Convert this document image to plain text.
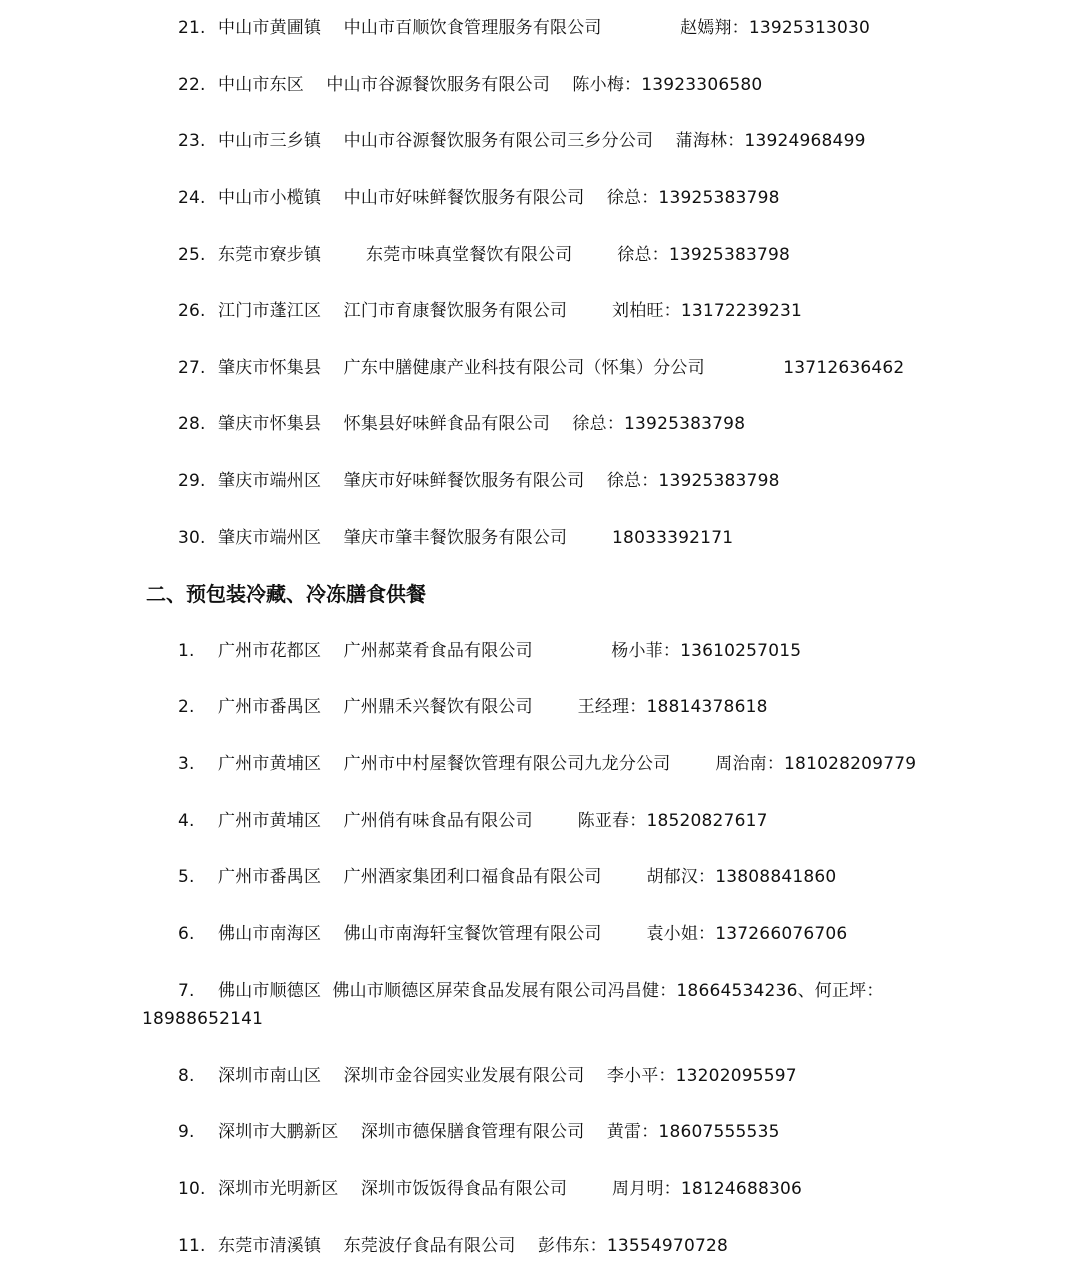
21. 中山市黄圃镇    中山市百顺饮食管理服务有限公司              赵嫣翔：13925313030
22. 中山市东区    中山市谷源餐饮服务有限公司    陈小梅：13923306580
23. 中山市三乡镇    中山市谷源餐饮服务有限公司三乡分公司    蒲海林：13924968499
24. 中山市小榄镇    中山市好味鲜餐饮服务有限公司    徐总：13925383798
25. 东莞市寮步镇        东莞市味真堂餐饮有限公司        徐总：13925383798
26. 江门市蓬江区    江门市育康餐饮服务有限公司        刘柏旺：13172239231
27. 肇庆市怀集县    广东中膳健康产业科技有限公司（怀集）分公司              13712636462
28. 肇庆市怀集县    怀集县好味鲜食品有限公司    徐总：13925383798
29. 肇庆市端州区    肇庆市好味鲜餐饮服务有限公司    徐总：13925383798
30. 肇庆市端州区    肇庆市肇丰餐饮服务有限公司        18033392171
二、预包装冷藏、冷冻膳食供餐
1. 广州市花都区    广州郝菜肴食品有限公司              杨小菲：13610257015
2. 广州市番禺区    广州鼎禾兴餐饮有限公司        王经理：18814378618
3. 广州市黄埔区    广州市中村屋餐饮管理有限公司九龙分公司        周治南：181028209779
4. 广州市黄埔区    广州俏有味食品有限公司        陈亚春：18520827617
5. 广州市番禺区    广州酒家集团利口福食品有限公司        胡郁汉：13808841860
6. 佛山市南海区    佛山市南海轩宝餐饮管理有限公司        袁小姐：137266076706
7. 佛山市顺德区  佛山市顺德区屏荣食品发展有限公司冯昌健：18664534236、何正坪：
18988652141
8. 深圳市南山区    深圳市金谷园实业发展有限公司    李小平：13202095597
9. 深圳市大鹏新区    深圳市德保膳食管理有限公司    黄雷：18607555535
10. 深圳市光明新区    深圳市饭饭得食品有限公司        周月明：18124688306
11. 东莞市清溪镇    东莞波仔食品有限公司    彭伟东：13554970728
